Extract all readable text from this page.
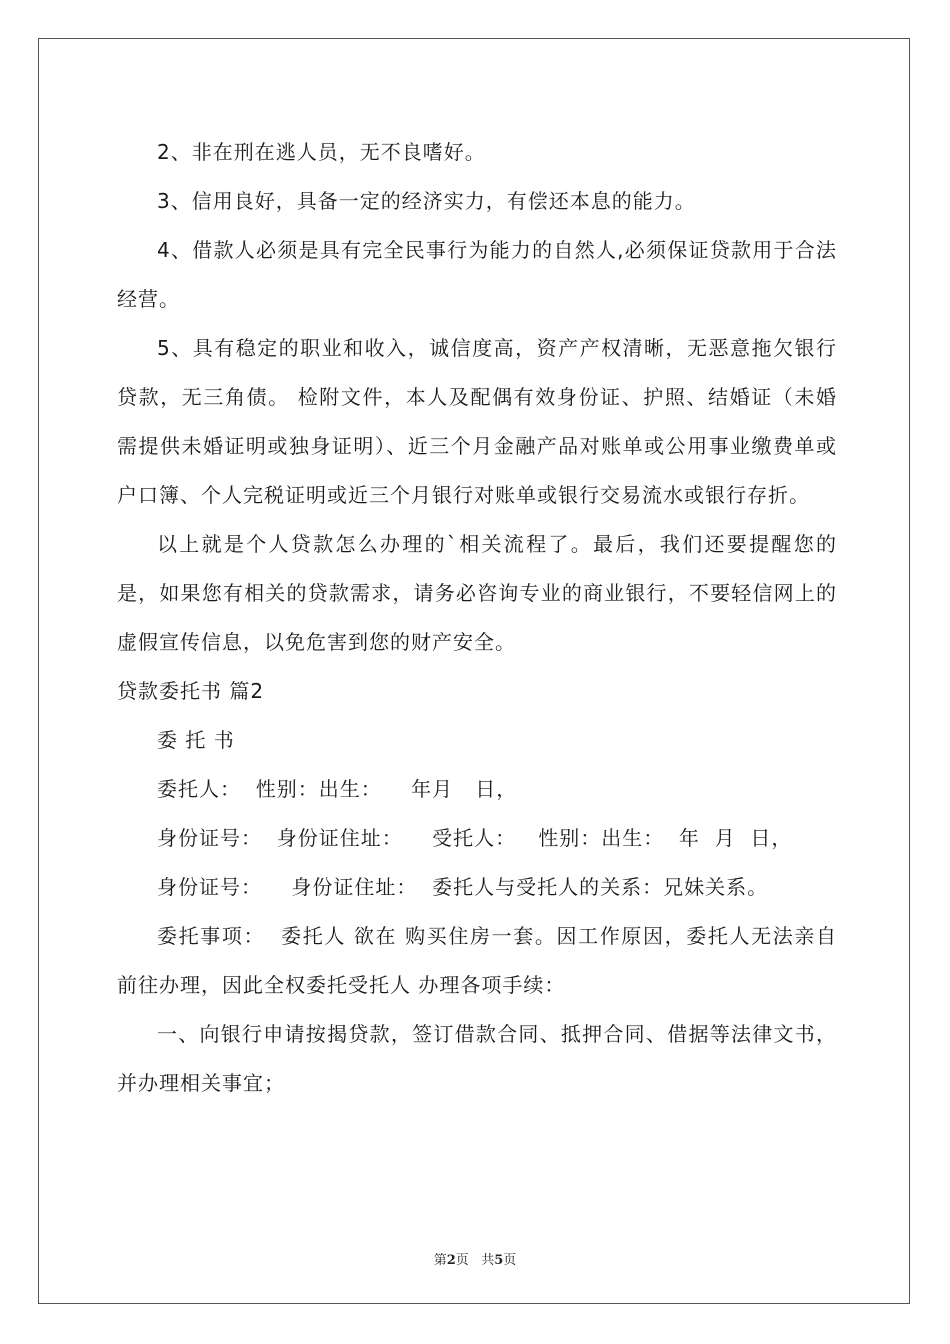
2、非在刑在逃人员，无不良嗜好。

3、信用良好，具备一定的经济实力，有偿还本息的能力。

4、借款人必须是具有完全民事行为能力的自然人,必须保证贷款用于合法经营。

5、具有稳定的职业和收入，诚信度高，资产产权清晰，无恶意拖欠银行贷款，无三角债。 检附文件，本人及配偶有效身份证、护照、结婚证（未婚需提供未婚证明或独身证明）、近三个月金融产品对账单或公用事业缴费单或户口簿、个人完税证明或近三个月银行对账单或银行交易流水或银行存折。

以上就是个人贷款怎么办理的`相关流程了。最后，我们还要提醒您的是，如果您有相关的贷款需求，请务必咨询专业的商业银行，不要轻信网上的虚假宣传信息，以免危害到您的财产安全。

贷款委托书 篇2

委 托 书

委托人：  性别：出生：    年月   日，

身份证号：  身份证住址：    受托人：   性别：出生：  年  月  日，

身份证号：    身份证住址：  委托人与受托人的关系：兄妹关系。

委托事项：  委托人 欲在 购买住房一套。因工作原因，委托人无法亲自前往办理，因此全权委托受托人 办理各项手续：

一、向银行申请按揭贷款，签订借款合同、抵押合同、借据等法律文书，并办理相关事宜；

第2页   共5页
